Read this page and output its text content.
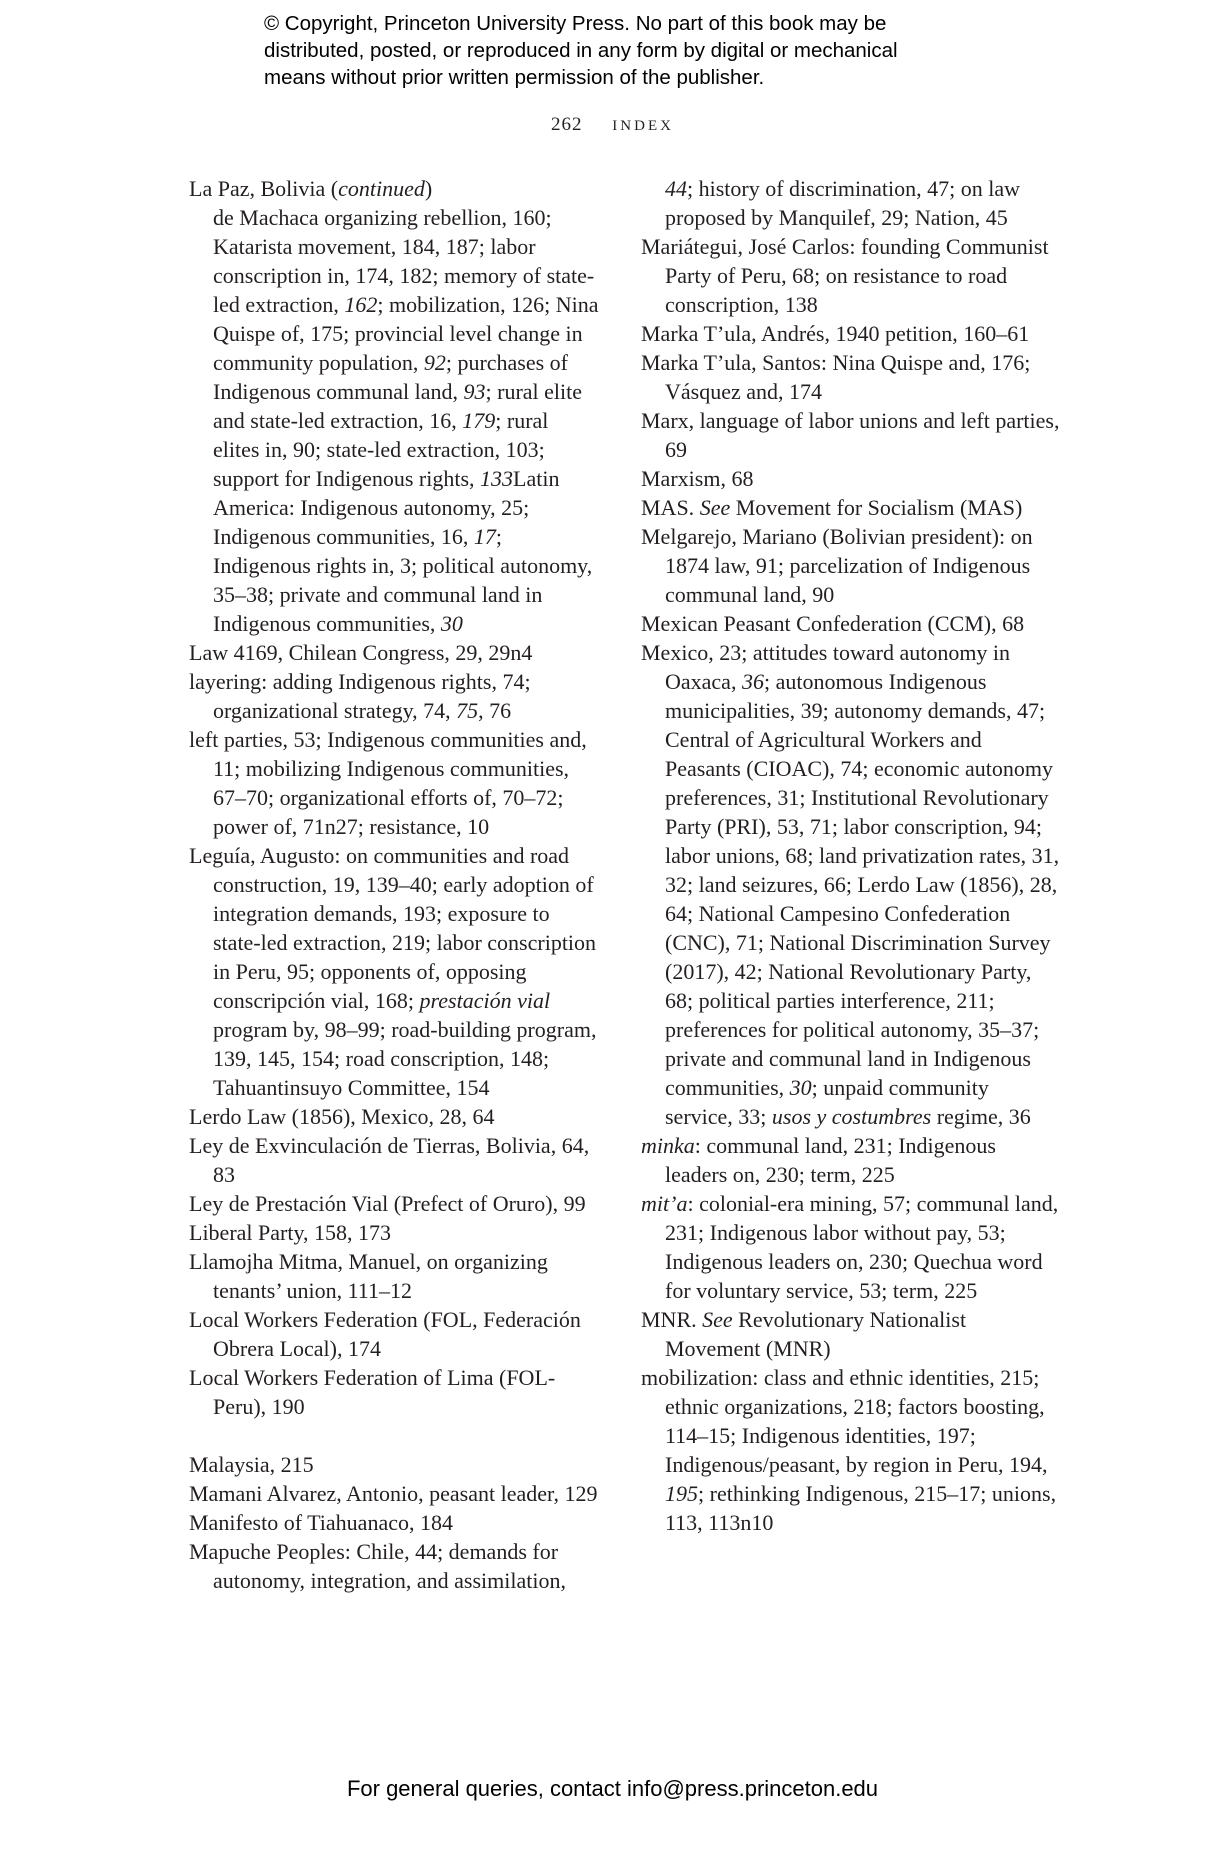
© Copyright, Princeton University Press. No part of this book may be
distributed, posted, or reproduced in any form by digital or mechanical
means without prior written permission of the publisher.
262 INDEX

La Paz, Bolivia (continued)
de Machaca organizing rebellion, 160; Katarista movement, 184, 187; labor conscription in, 174, 182; memory of state-led extraction, 162; mobilization, 126; Nina Quispe of, 175; provincial level change in community population, 92; purchases of Indigenous communal land, 93; rural elite and state-led extraction, 16, 179; rural elites in, 90; state-led extraction, 103; support for Indigenous rights, 133Latin America: Indigenous autonomy, 25; Indigenous communities, 16, 17; Indigenous rights in, 3; political autonomy, 35–38; private and communal land in Indigenous communities, 30

Law 4169, Chilean Congress, 29, 29n4

layering: adding Indigenous rights, 74; organizational strategy, 74, 75, 76

left parties, 53; Indigenous communities and, 11; mobilizing Indigenous communities, 67–70; organizational efforts of, 70–72; power of, 71n27; resistance, 10

Leguía, Augusto: on communities and road construction, 19, 139–40; early adoption of integration demands, 193; exposure to state-led extraction, 219; labor conscription in Peru, 95; opponents of, opposing conscripción vial, 168; prestación vial program by, 98–99; road-building program, 139, 145, 154; road conscription, 148; Tahuantinsuyo Committee, 154

Lerdo Law (1856), Mexico, 28, 64

Ley de Exvinculación de Tierras, Bolivia, 64, 83

Ley de Prestación Vial (Prefect of Oruro), 99

Liberal Party, 158, 173

Llamojha Mitma, Manuel, on organizing tenants’ union, 111–12

Local Workers Federation (FOL, Federación Obrera Local), 174

Local Workers Federation of Lima (FOL-Peru), 190

Malaysia, 215

Mamani Alvarez, Antonio, peasant leader, 129

Manifesto of Tiahuanaco, 184

Mapuche Peoples: Chile, 44; demands for autonomy, integration, and assimilation,

44; history of discrimination, 47; on law proposed by Manquilef, 29; Nation, 45

Mariátegui, José Carlos: founding Communist Party of Peru, 68; on resistance to road conscription, 138

Marka T’ula, Andrés, 1940 petition, 160–61

Marka T’ula, Santos: Nina Quispe and, 176; Vásquez and, 174

Marx, language of labor unions and left parties, 69

Marxism, 68

MAS. See Movement for Socialism (MAS)

Melgarejo, Mariano (Bolivian president): on 1874 law, 91; parcelization of Indigenous communal land, 90

Mexican Peasant Confederation (CCM), 68

Mexico, 23; attitudes toward autonomy in Oaxaca, 36; autonomous Indigenous municipalities, 39; autonomy demands, 47; Central of Agricultural Workers and Peasants (CIOAC), 74; economic autonomy preferences, 31; Institutional Revolutionary Party (PRI), 53, 71; labor conscription, 94; labor unions, 68; land privatization rates, 31, 32; land seizures, 66; Lerdo Law (1856), 28, 64; National Campesino Confederation (CNC), 71; National Discrimination Survey (2017), 42; National Revolutionary Party, 68; political parties interference, 211; preferences for political autonomy, 35–37; private and communal land in Indigenous communities, 30; unpaid community service, 33; usos y costumbres regime, 36

minka: communal land, 231; Indigenous leaders on, 230; term, 225

mit’a: colonial-era mining, 57; communal land, 231; Indigenous labor without pay, 53; Indigenous leaders on, 230; Quechua word for voluntary service, 53; term, 225

MNR. See Revolutionary Nationalist Movement (MNR)

mobilization: class and ethnic identities, 215; ethnic organizations, 218; factors boosting, 114–15; Indigenous identities, 197; Indigenous/peasant, by region in Peru, 194, 195; rethinking Indigenous, 215–17; unions, 113, 113n10

For general queries, contact info@press.princeton.edu
